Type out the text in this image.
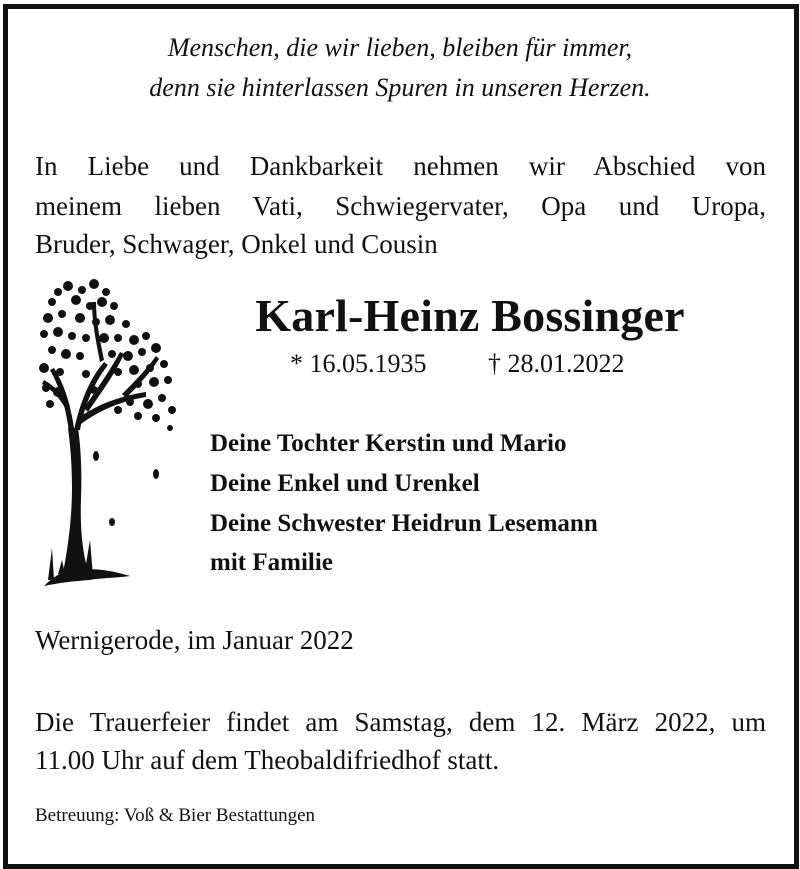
Menschen, die wir lieben, bleiben für immer,
denn sie hinterlassen Spuren in unseren Herzen.
In Liebe und Dankbarkeit nehmen wir Abschied von
meinem lieben Vati, Schwiegervater, Opa und Uropa,
Bruder, Schwager, Onkel und Cousin
Karl-Heinz Bossinger
* 16.05.1935 † 28.01.2022
Deine Tochter Kerstin und Mario
Deine Enkel und Urenkel
Deine Schwester Heidrun Lesemann
mit Familie
Wernigerode, im Januar 2022
Die Trauerfeier findet am Samstag, dem 12. März 2022, um
11.00 Uhr auf dem Theobaldifriedhof statt.
Betreuung: Voß & Bier Bestattungen
